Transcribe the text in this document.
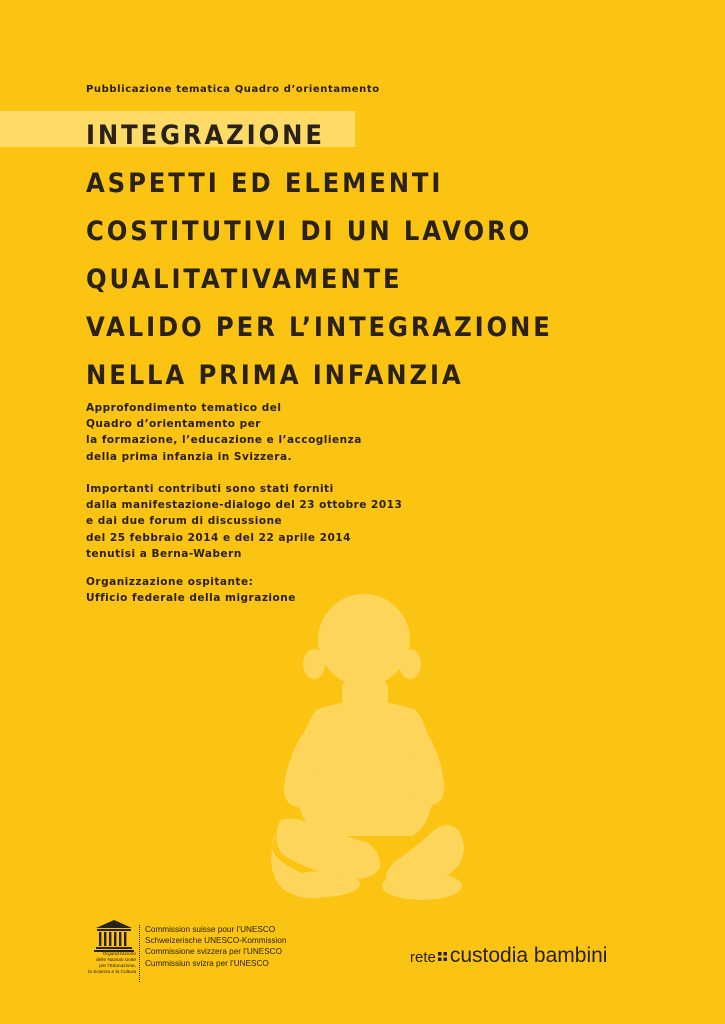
Pubblicazione tematica Quadro d’orientamento
INTEGRAZIONE
ASPETTI ED ELEMENTI
COSTITUTIVI DI UN LAVORO
QUALITATIVAMENTE
VALIDO PER L’INTEGRAZIONE
NELLA PRIMA INFANZIA
Approfondimento tematico del
Quadro d’orientamento per
la formazione, l’educazione e l’accoglienza
della prima infanzia in Svizzera.
Importanti contributi sono stati forniti
dalla manifestazione-dialogo del 23 ottobre 2013
e dai due forum di discussione
del 25 febbraio 2014 e del 22 aprile 2014
tenutisi a Berna-Wabern
Organizzazione ospitante:
Ufficio federale della migrazione
Organizzazione
delle Nazioni Unite
per l’Educazione,
la Scienza e la Cultura
Commission suisse pour l’UNESCO
Schweizerische UNESCO-Kommission
Commissione svizzera per l’UNESCO
Cummissiun svizra per l’UNESCO	rete custodia bambini
